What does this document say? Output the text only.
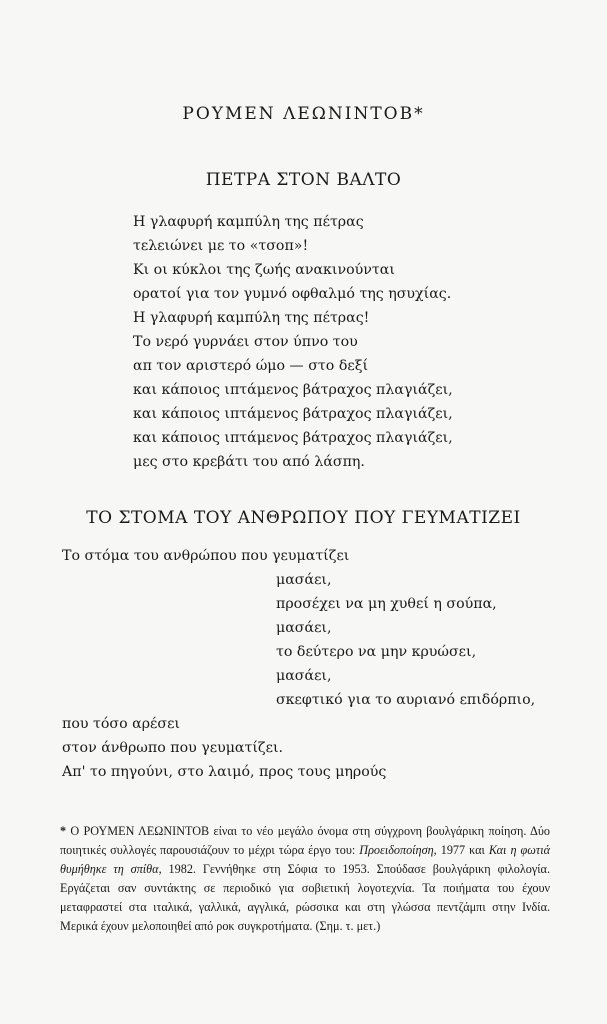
ΡΟΥΜΕΝ ΛΕΩΝΙΝΤΟΒ*
ΠΕΤΡΑ ΣΤΟΝ ΒΑΛΤΟ
Η γλαφυρή καμπύλη της πέτρας
τελειώνει με το «τσοπ»!
Κι οι κύκλοι της ζωής ανακινούνται
ορατοί για τον γυμνό οφθαλμό της ησυχίας.
Η γλαφυρή καμπύλη της πέτρας!
Το νερό γυρνάει στον ύπνο του
απ τον αριστερό ώμο — στο δεξί
και κάποιος ιπτάμενος βάτραχος πλαγιάζει,
και κάποιος ιπτάμενος βάτραχος πλαγιάζει,
και κάποιος ιπτάμενος βάτραχος πλαγιάζει,
μες στο κρεβάτι του από λάσπη.
ΤΟ ΣΤΟΜΑ ΤΟΥ ΑΝΘΡΩΠΟΥ ΠΟΥ ΓΕΥΜΑΤΙΖΕΙ
Το στόμα του ανθρώπου που γευματίζει
μασάει,
προσέχει να μη χυθεί η σούπα,
μασάει,
το δεύτερο να μην κρυώσει,
μασάει,
σκεφτικό για το αυριανό επιδόρπιο,
που τόσο αρέσει
στον άνθρωπο που γευματίζει.
Απ' το πηγούνι, στο λαιμό, προς τους μηρούς
* Ο ΡΟΥΜΕΝ ΛΕΩΝΙΝΤΟΒ είναι το νέο μεγάλο όνομα στη σύγχρονη βουλγάρικη ποίηση. Δύο ποιητικές συλλογές παρουσιάζουν το μέχρι τώρα έργο του: Προειδοποίηση, 1977 και Και η φωτιά θυμήθηκε τη σπίθα, 1982. Γεννήθηκε στη Σόφια το 1953. Σπούδασε βουλγάρικη φιλολογία. Εργάζεται σαν συντάκτης σε περιοδικό για σοβιετική λογοτεχνία. Τα ποιήματα του έχουν μεταφραστεί στα ιταλικά, γαλλικά, αγγλικά, ρώσσικα και στη γλώσσα πεντζάμπι στην Ινδία. Μερικά έχουν μελοποιηθεί από ροκ συγκροτήματα. (Σημ. τ. μετ.)
